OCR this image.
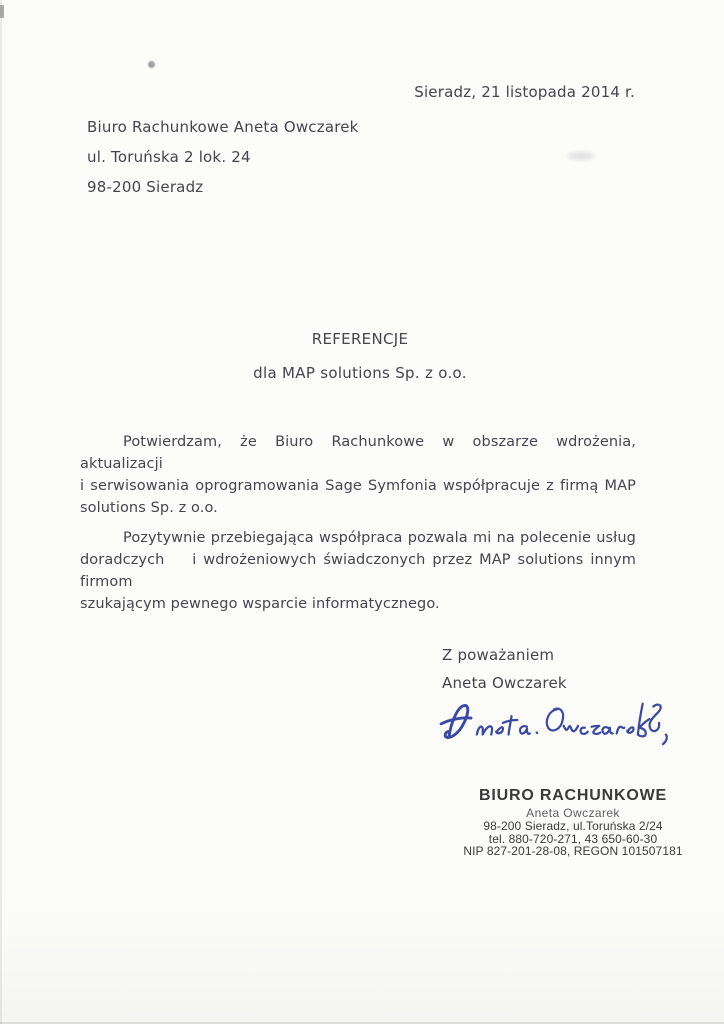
Sieradz, 21 listopada 2014 r.
Biuro Rachunkowe Aneta Owczarek
ul. Toruńska 2 lok. 24
98-200 Sieradz
REFERENCJE
dla MAP solutions Sp. z o.o.
Potwierdzam, że Biuro Rachunkowe w obszarze wdrożenia, aktualizacji
i serwisowania oprogramowania Sage Symfonia współpracuje z firmą MAP
solutions Sp. z o.o.
Pozytywnie przebiegająca współpraca pozwala mi na polecenie usług
doradczych    i wdrożeniowych świadczonych przez MAP solutions innym firmom
szukającym pewnego wsparcie informatycznego.
Z poważaniem
Aneta Owczarek
BIURO RACHUNKOWE
Aneta Owczarek
98-200 Sieradz, ul.Toruńska 2/24
tel. 880-720-271, 43 650-60-30
NIP 827-201-28-08, REGON 101507181
